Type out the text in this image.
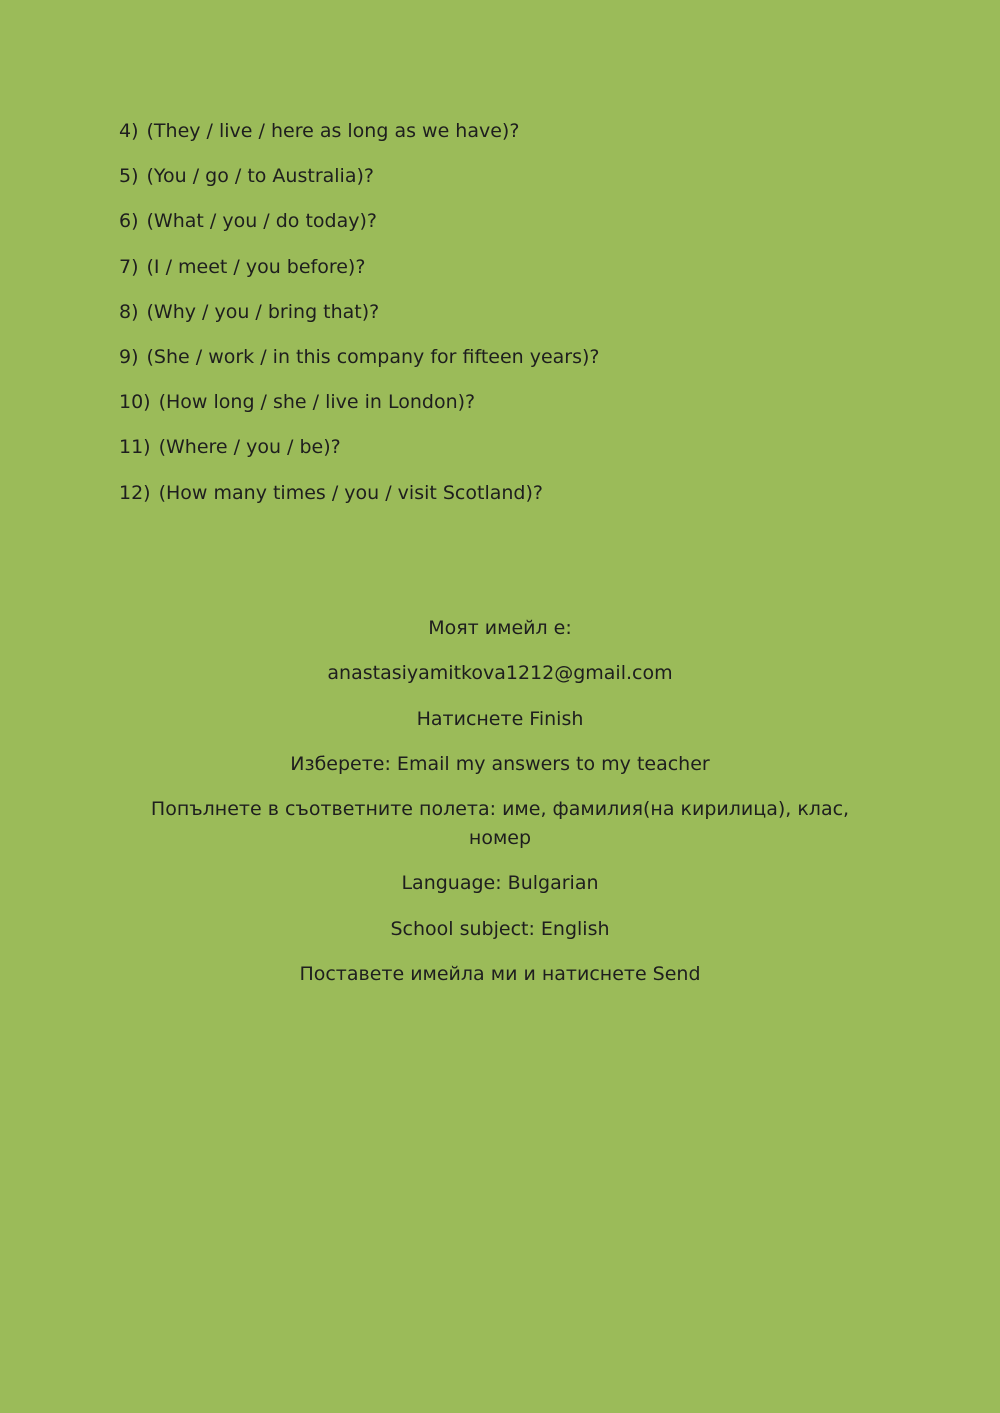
4) (They / live / here as long as we have)?
5) (You / go / to Australia)?
6) (What / you / do today)?
7) (I / meet / you before)?
8) (Why / you / bring that)?
9) (She / work / in this company for fifteen years)?
10) (How long / she / live in London)?
11) (Where / you / be)?
12) (How many times / you / visit Scotland)?
Моят имейл е:
anastasiyamitkova1212@gmail.com
Натиснете Finish
Изберете: Email my answers to my teacher
Попълнете в съответните полета: име, фамилия(на кирилица), клас, номер
Language: Bulgarian
School subject: English
Поставете имейла ми и натиснете Send
